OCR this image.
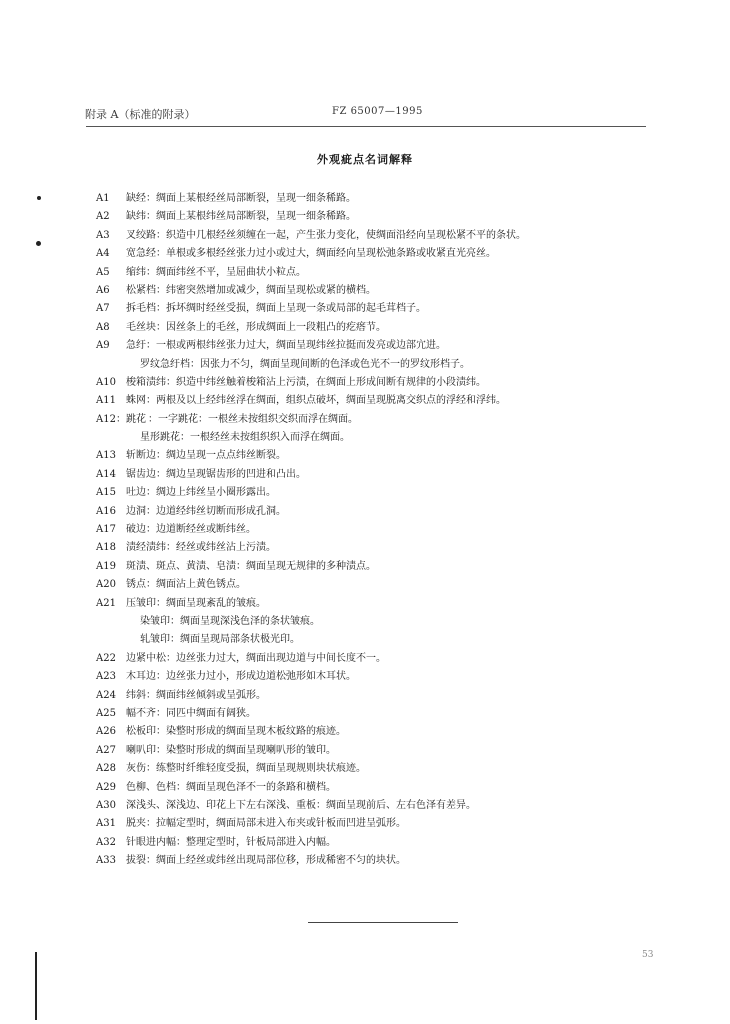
附录 A（标准的附录）	FZ 65007—1995
外观疵点名词解释
A1	缺经：绸面上某根经丝局部断裂，呈现一细条稀路。
A2	缺纬：绸面上某根纬丝局部断裂，呈现一细条稀路。
A3	叉绞路：织造中几根经丝须缠在一起，产生张力变化，使绸面沿经向呈现松紧不平的条状。
A4	宽急经：单根或多根经丝张力过小或过大，绸面经向呈现松弛条路或收紧直光亮丝。
A5	缩纬：绸面纬丝不平，呈屈曲状小粒点。
A6	松紧档：纬密突然增加或减少，绸面呈现松或紧的横档。
A7	拆毛档：拆坏绸时经丝受损，绸面上呈现一条或局部的起毛茸档子。
A8	毛丝块：因丝条上的毛丝，形成绸面上一段粗凸的疙瘩节。
A9	急纡：一根或两根纬丝张力过大，绸面呈现纬丝拉挺而发亮或边部宂进。
罗纹急纡档：因张力不匀，绸面呈现间断的色泽或色光不一的罗纹形档子。
A10	梭箱渍纬：织造中纬丝触着梭箱沾上污渍，在绸面上形成间断有规律的小段渍纬。
A11	蛛网：两根及以上经纬丝浮在绸面，组织点破坏，绸面呈现脱离交织点的浮经和浮纬。
A12：跳花 ：一字跳花：一根丝未按组织交织而浮在绸面。
星形跳花：一根经丝未按组织织入而浮在绸面。
A13	斩断边：绸边呈现一点点纬丝断裂。
A14	锯齿边：绸边呈现锯齿形的凹进和凸出。
A15	吐边：绸边上纬丝呈小圈形露出。
A16	边洞：边道经纬丝切断而形成孔洞。
A17	破边：边道断经丝或断纬丝。
A18	渍经渍纬：经丝或纬丝沾上污渍。
A19	斑渍、斑点、黄渍、皂渍：绸面呈现无规律的多种渍点。
A20	锈点：绸面沾上黄色锈点。
A21	压皱印：绸面呈现紊乱的皱痕。
染皱印：绸面呈现深浅色泽的条状皱痕。
轧皱印：绸面呈现局部条状极光印。
A22	边紧中松：边丝张力过大，绸面出现边道与中间长度不一。
A23	木耳边：边丝张力过小，形成边道松弛形如木耳状。
A24	纬斜：绸面纬丝倾斜或呈弧形。
A25	幅不齐：同匹中绸面有阔狭。
A26	松板印：染整时形成的绸面呈现木板纹路的痕迹。
A27	喇叭印：染整时形成的绸面呈现喇叭形的皱印。
A28	灰伤：练整时纤维轻度受损，绸面呈现规则块状痕迹。
A29	色柳、色档：绸面呈现色泽不一的条路和横档。
A30	深浅头、深浅边、印花上下左右深浅、重板：绸面呈现前后、左右色泽有差异。
A31	脱夹：拉幅定型时，绸面局部未进入布夹或针板而凹进呈弧形。
A32	针眼进内幅：整理定型时，针板局部进入内幅。
A33	拔裂：绸面上经丝或纬丝出现局部位移，形成稀密不匀的块状。
53
